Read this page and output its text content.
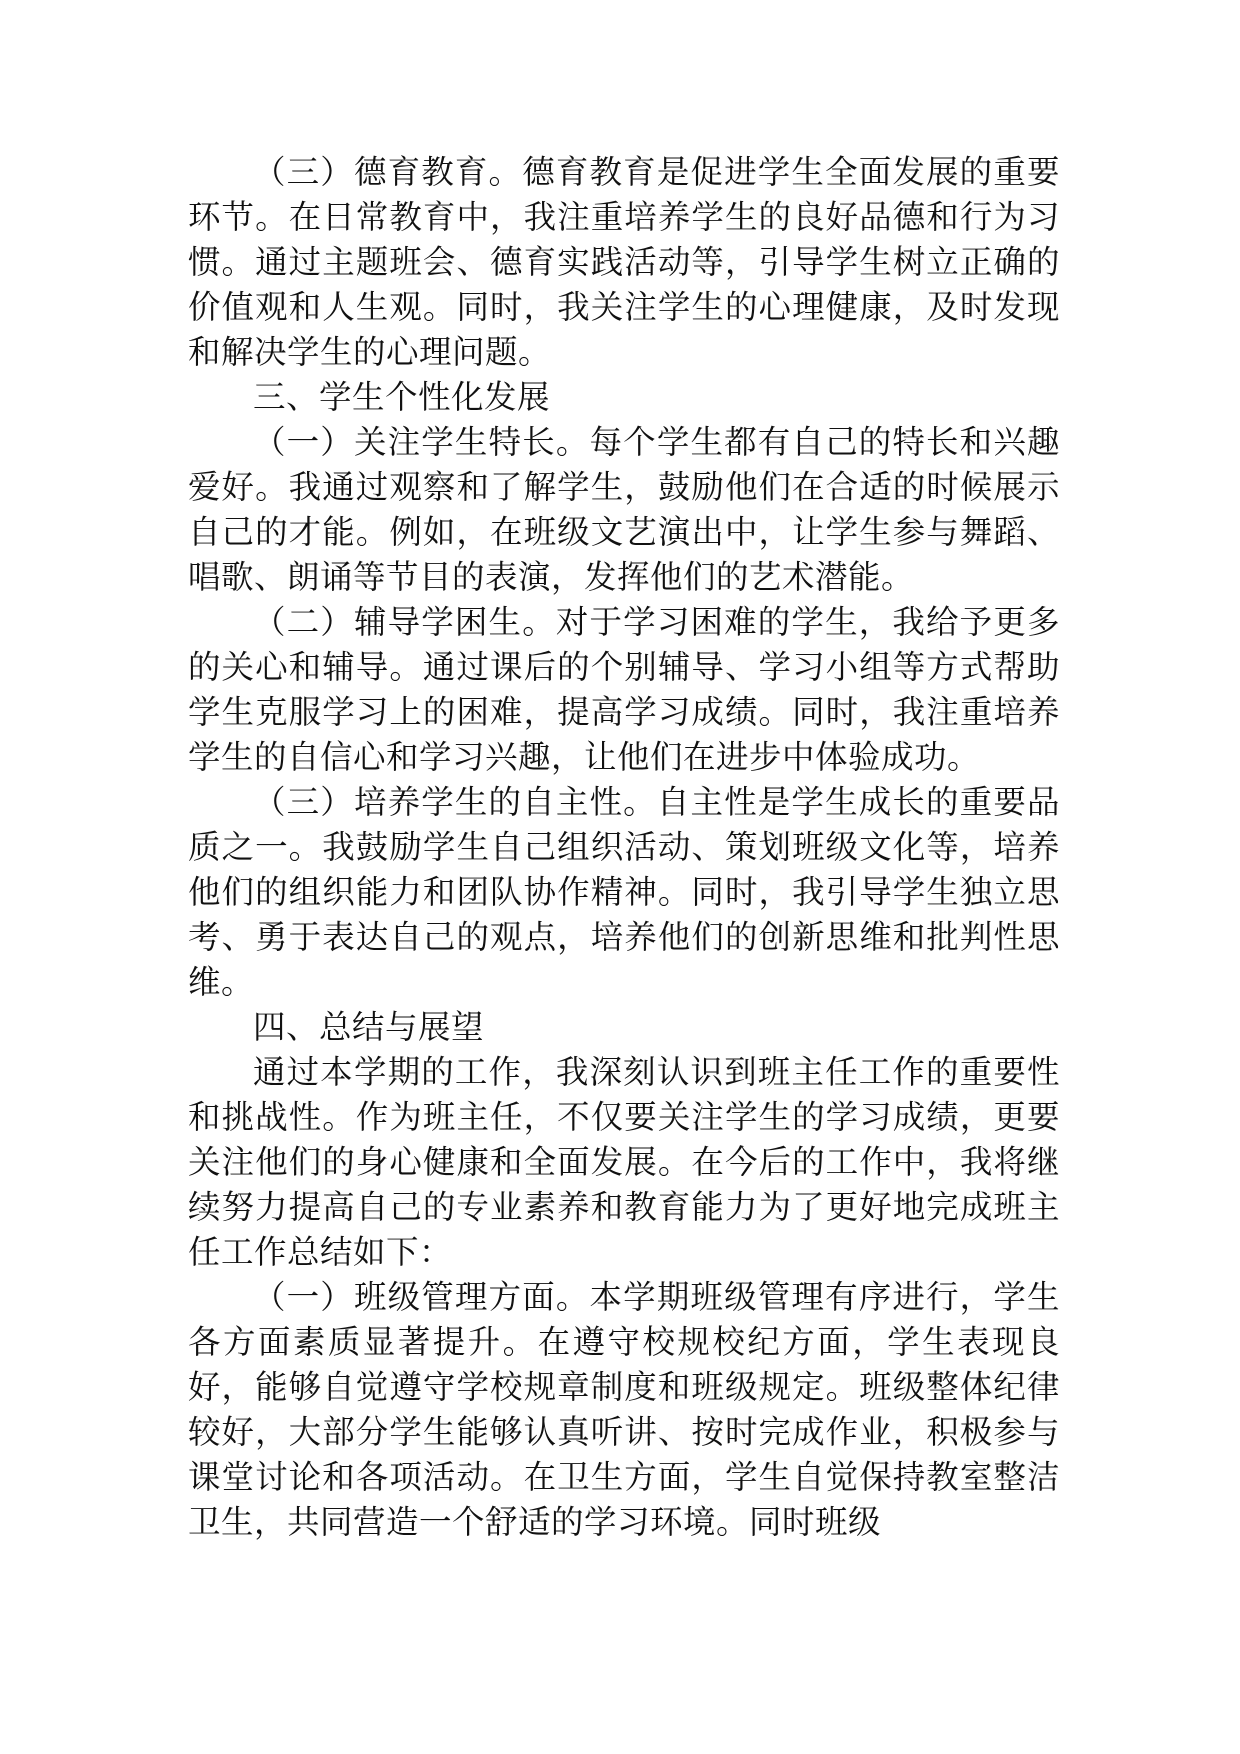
（三）德育教育。德育教育是促进学生全面发展的重要环节。在日常教育中，我注重培养学生的良好品德和行为习惯。通过主题班会、德育实践活动等，引导学生树立正确的价值观和人生观。同时，我关注学生的心理健康，及时发现和解决学生的心理问题。

三、学生个性化发展

（一）关注学生特长。每个学生都有自己的特长和兴趣爱好。我通过观察和了解学生，鼓励他们在合适的时候展示自己的才能。例如，在班级文艺演出中，让学生参与舞蹈、唱歌、朗诵等节目的表演，发挥他们的艺术潜能。

（二）辅导学困生。对于学习困难的学生，我给予更多的关心和辅导。通过课后的个别辅导、学习小组等方式帮助学生克服学习上的困难，提高学习成绩。同时，我注重培养学生的自信心和学习兴趣，让他们在进步中体验成功。

（三）培养学生的自主性。自主性是学生成长的重要品质之一。我鼓励学生自己组织活动、策划班级文化等，培养他们的组织能力和团队协作精神。同时，我引导学生独立思考、勇于表达自己的观点，培养他们的创新思维和批判性思维。

四、总结与展望

通过本学期的工作，我深刻认识到班主任工作的重要性和挑战性。作为班主任，不仅要关注学生的学习成绩，更要关注他们的身心健康和全面发展。在今后的工作中，我将继续努力提高自己的专业素养和教育能力为了更好地完成班主任工作总结如下：

（一）班级管理方面。本学期班级管理有序进行，学生各方面素质显著提升。在遵守校规校纪方面，学生表现良好，能够自觉遵守学校规章制度和班级规定。班级整体纪律较好，大部分学生能够认真听讲、按时完成作业，积极参与课堂讨论和各项活动。在卫生方面，学生自觉保持教室整洁卫生，共同营造一个舒适的学习环境。同时班级
